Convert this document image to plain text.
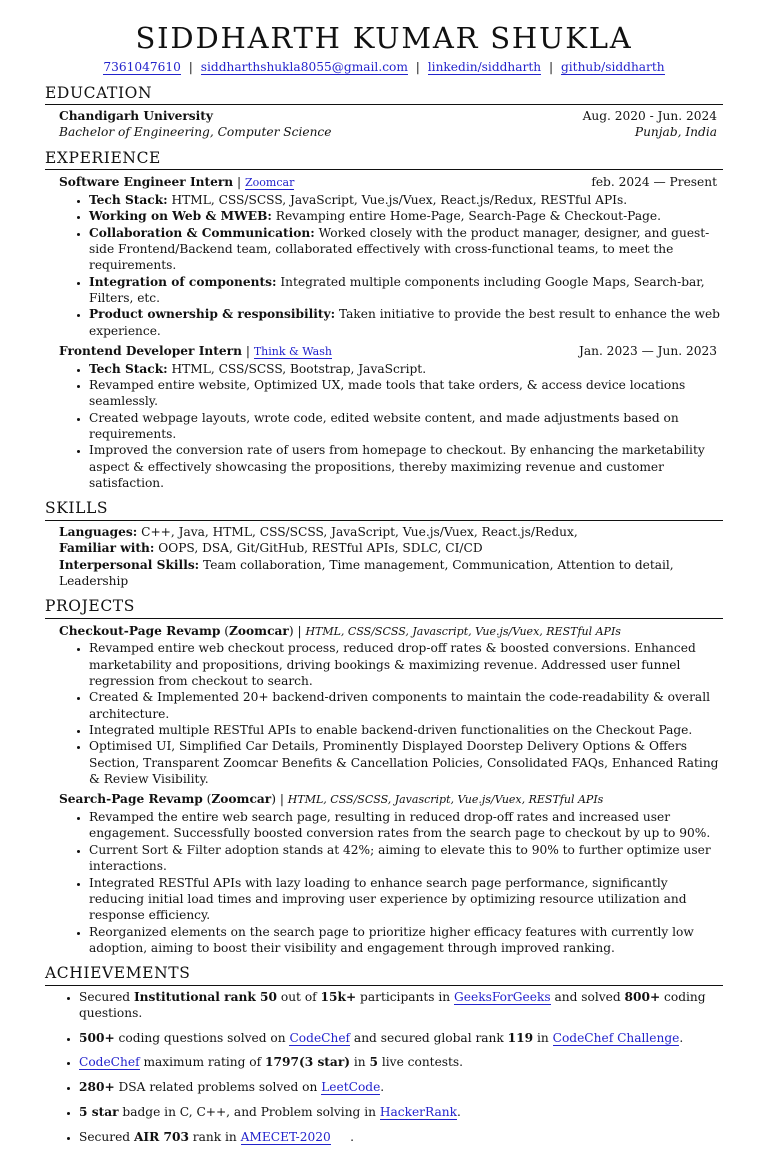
SIDDHARTH KUMAR SHUKLA
7361047610 | siddharthshukla8055@gmail.com | linkedin/siddharth | github/siddharth
EDUCATION
Chandigarh University	Aug. 2020 - Jun. 2024
Bachelor of Engineering, Computer Science	Punjab, India
EXPERIENCE
Software Engineer Intern | Zoomcar	feb. 2024 — Present
• Tech Stack: HTML, CSS/SCSS, JavaScript, Vue.js/Vuex, React.js/Redux, RESTful APIs.
• Working on Web & MWEB: Revamping entire Home-Page, Search-Page & Checkout-Page.
• Collaboration & Communication: Worked closely with the product manager, designer, and guest-side Frontend/Backend team, collaborated effectively with cross-functional teams, to meet the requirements.
• Integration of components: Integrated multiple components including Google Maps, Search-bar, Filters, etc.
• Product ownership & responsibility: Taken initiative to provide the best result to enhance the web experience.
Frontend Developer Intern | Think & Wash	Jan. 2023 — Jun. 2023
• Tech Stack: HTML, CSS/SCSS, Bootstrap, JavaScript.
• Revamped entire website, Optimized UX, made tools that take orders, & access device locations seamlessly.
• Created webpage layouts, wrote code, edited website content, and made adjustments based on requirements.
• Improved the conversion rate of users from homepage to checkout. By enhancing the marketability aspect & effectively showcasing the propositions, thereby maximizing revenue and customer satisfaction.
SKILLS
Languages: C++, Java, HTML, CSS/SCSS, JavaScript, Vue.js/Vuex, React.js/Redux,
Familiar with: OOPS, DSA, Git/GitHub, RESTful APIs, SDLC, CI/CD
Interpersonal Skills: Team collaboration, Time management, Communication, Attention to detail, Leadership
PROJECTS
Checkout-Page Revamp (Zoomcar) | HTML, CSS/SCSS, Javascript, Vue.js/Vuex, RESTful APIs
• Revamped entire web checkout process, reduced drop-off rates & boosted conversions. Enhanced marketability and propositions, driving bookings & maximizing revenue. Addressed user funnel regression from checkout to search.
• Created & Implemented 20+ backend-driven components to maintain the code-readability & overall architecture.
• Integrated multiple RESTful APIs to enable backend-driven functionalities on the Checkout Page.
• Optimised UI, Simplified Car Details, Prominently Displayed Doorstep Delivery Options & Offers Section, Transparent Zoomcar Benefits & Cancellation Policies, Consolidated FAQs, Enhanced Rating & Review Visibility.
Search-Page Revamp (Zoomcar) | HTML, CSS/SCSS, Javascript, Vue.js/Vuex, RESTful APIs
• Revamped the entire web search page, resulting in reduced drop-off rates and increased user engagement. Successfully boosted conversion rates from the search page to checkout by up to 90%.
• Current Sort & Filter adoption stands at 42%; aiming to elevate this to 90% to further optimize user interactions.
• Integrated RESTful APIs with lazy loading to enhance search page performance, significantly reducing initial load times and improving user experience by optimizing resource utilization and response efficiency.
• Reorganized elements on the search page to prioritize higher efficacy features with currently low adoption, aiming to boost their visibility and engagement through improved ranking.
ACHIEVEMENTS
• Secured Institutional rank 50 out of 15k+ participants in GeeksForGeeks and solved 800+ coding questions.
• 500+ coding questions solved on CodeChef and secured global rank 119 in CodeChef Challenge.
• CodeChef maximum rating of 1797(3 star) in 5 live contests.
• 280+ DSA related problems solved on LeetCode.
• 5 star badge in C, C++, and Problem solving in HackerRank.
• Secured AIR 703 rank in AMECET-2020     .
